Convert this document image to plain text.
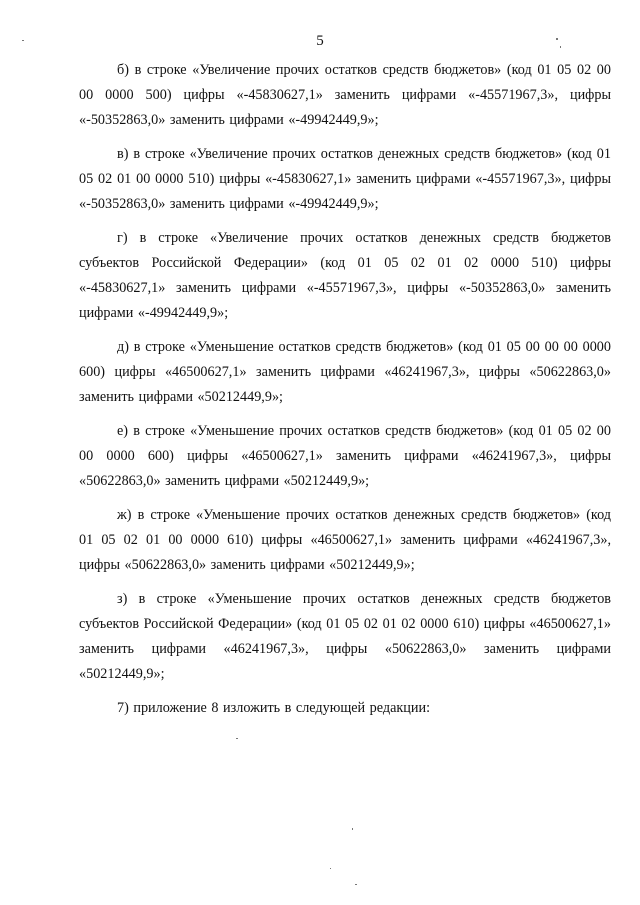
5

б) в строке «Увеличение прочих остатков средств бюджетов» (код 01 05 02 00 00 0000 500) цифры «-45830627,1» заменить цифрами «-45571967,3», цифры «-50352863,0» заменить цифрами «-49942449,9»;

в) в строке «Увеличение прочих остатков денежных средств бюджетов» (код 01 05 02 01 00 0000 510) цифры «-45830627,1» заменить цифрами «-45571967,3», цифры «-50352863,0» заменить цифрами «-49942449,9»;

г) в строке «Увеличение прочих остатков денежных средств бюджетов субъектов Российской Федерации» (код 01 05 02 01 02 0000 510) цифры «-45830627,1» заменить цифрами «-45571967,3», цифры «-50352863,0» заменить цифрами «-49942449,9»;

д) в строке «Уменьшение остатков средств бюджетов» (код 01 05 00 00 00 0000 600) цифры «46500627,1» заменить цифрами «46241967,3», цифры «50622863,0» заменить цифрами «50212449,9»;

е) в строке «Уменьшение прочих остатков средств бюджетов» (код 01 05 02 00 00 0000 600) цифры «46500627,1» заменить цифрами «46241967,3», цифры «50622863,0» заменить цифрами «50212449,9»;

ж) в строке «Уменьшение прочих остатков денежных средств бюджетов» (код 01 05 02 01 00 0000 610) цифры «46500627,1» заменить цифрами «46241967,3», цифры «50622863,0» заменить цифрами «50212449,9»;

з) в строке «Уменьшение прочих остатков денежных средств бюджетов субъектов Российской Федерации» (код 01 05 02 01 02 0000 610) цифры «46500627,1» заменить цифрами «46241967,3», цифры «50622863,0» заменить цифрами «50212449,9»;

7) приложение 8 изложить в следующей редакции:
